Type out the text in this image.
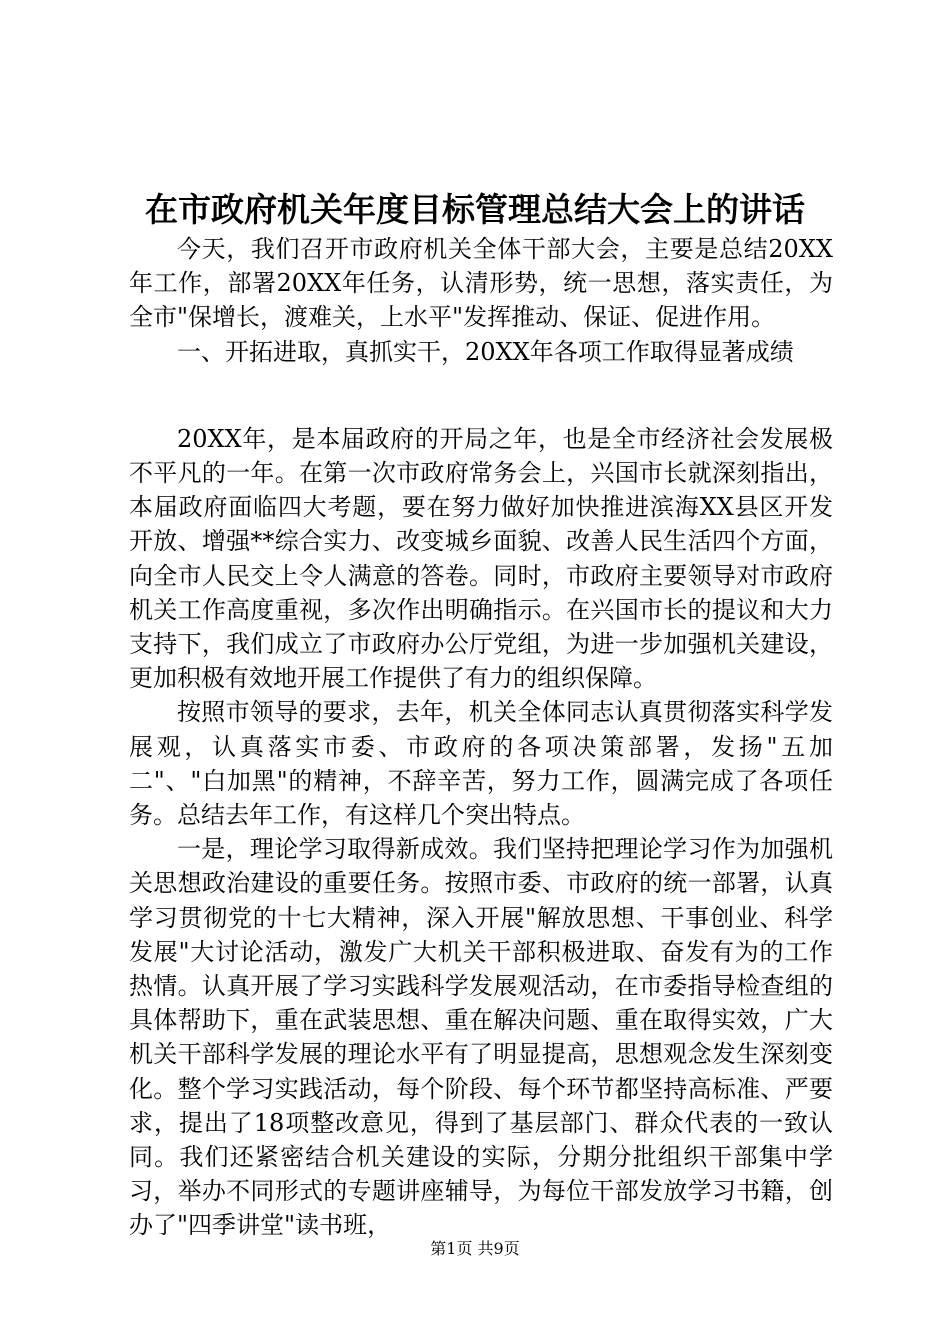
在市政府机关年度目标管理总结大会上的讲话

今天，我们召开市政府机关全体干部大会，主要是总结20XX年工作，部署20XX年任务，认清形势，统一思想，落实责任，为全市"保增长，渡难关，上水平"发挥推动、保证、促进作用。

一、开拓进取，真抓实干，20XX年各项工作取得显著成绩

20XX年，是本届政府的开局之年，也是全市经济社会发展极不平凡的一年。在第一次市政府常务会上，兴国市长就深刻指出，本届政府面临四大考题，要在努力做好加快推进滨海XX县区开发开放、增强**综合实力、改变城乡面貌、改善人民生活四个方面，向全市人民交上令人满意的答卷。同时，市政府主要领导对市政府机关工作高度重视，多次作出明确指示。在兴国市长的提议和大力支持下，我们成立了市政府办公厅党组，为进一步加强机关建设，更加积极有效地开展工作提供了有力的组织保障。

按照市领导的要求，去年，机关全体同志认真贯彻落实科学发展观，认真落实市委、市政府的各项决策部署，发扬"五加二"、"白加黑"的精神，不辞辛苦，努力工作，圆满完成了各项任务。总结去年工作，有这样几个突出特点。

一是，理论学习取得新成效。我们坚持把理论学习作为加强机关思想政治建设的重要任务。按照市委、市政府的统一部署，认真学习贯彻党的十七大精神，深入开展"解放思想、干事创业、科学发展"大讨论活动，激发广大机关干部积极进取、奋发有为的工作热情。认真开展了学习实践科学发展观活动，在市委指导检查组的具体帮助下，重在武装思想、重在解决问题、重在取得实效，广大机关干部科学发展的理论水平有了明显提高，思想观念发生深刻变化。整个学习实践活动，每个阶段、每个环节都坚持高标准、严要求，提出了18项整改意见，得到了基层部门、群众代表的一致认同。我们还紧密结合机关建设的实际，分期分批组织干部集中学习，举办不同形式的专题讲座辅导，为每位干部发放学习书籍，创办了"四季讲堂"读书班，

第1页 共9页
